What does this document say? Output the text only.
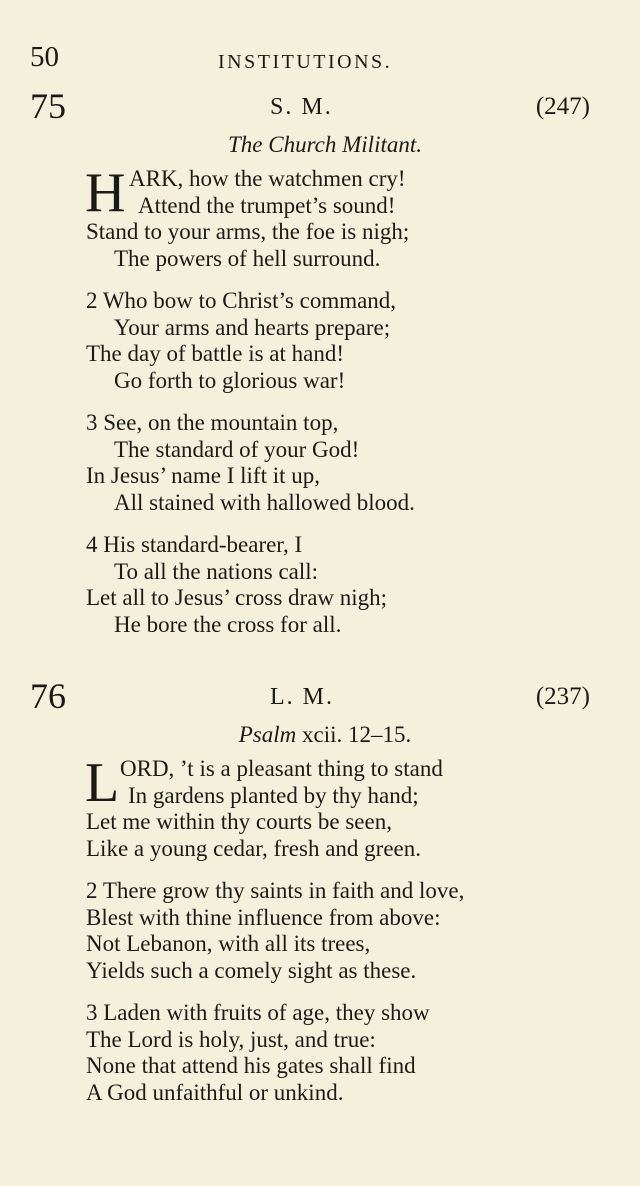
50	INSTITUTIONS.
75	S. M.	(247)
The Church Militant.
H ARK, how the watchmen cry!
Attend the trumpet’s sound!
Stand to your arms, the foe is nigh;
The powers of hell surround.
2 Who bow to Christ’s command,
Your arms and hearts prepare;
The day of battle is at hand!
Go forth to glorious war!
3 See, on the mountain top,
The standard of your God!
In Jesus’ name I lift it up,
All stained with hallowed blood.
4 His standard-bearer, I
To all the nations call:
Let all to Jesus’ cross draw nigh;
He bore the cross for all.
76	L. M.	(237)
Psalm xcii. 12–15.
L ORD, ’t is a pleasant thing to stand
In gardens planted by thy hand;
Let me within thy courts be seen,
Like a young cedar, fresh and green.
2 There grow thy saints in faith and love,
Blest with thine influence from above:
Not Lebanon, with all its trees,
Yields such a comely sight as these.
3 Laden with fruits of age, they show
The Lord is holy, just, and true:
None that attend his gates shall find
A God unfaithful or unkind.
